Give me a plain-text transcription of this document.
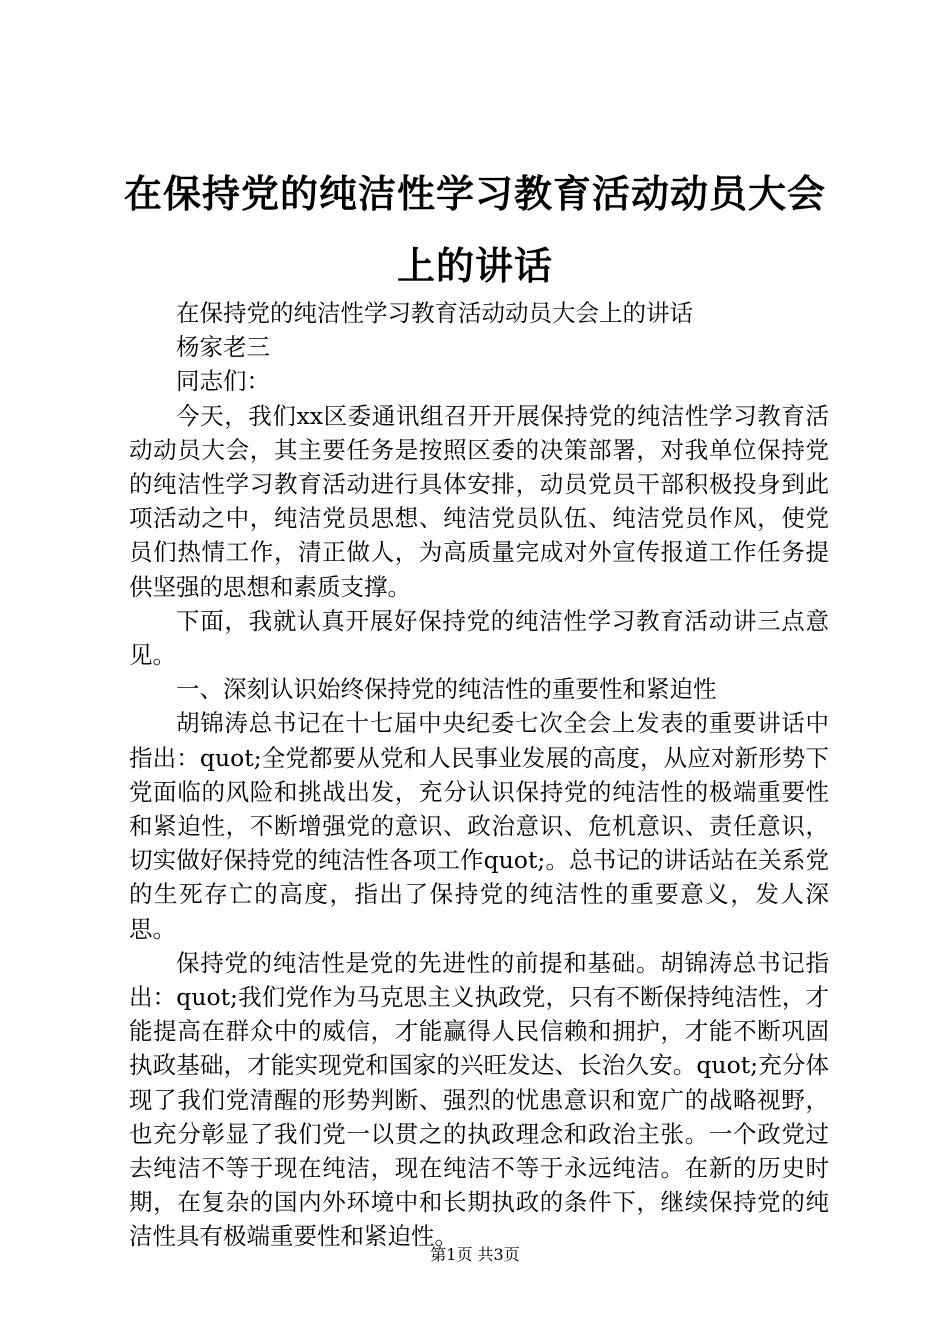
在保持党的纯洁性学习教育活动动员大会上的讲话

在保持党的纯洁性学习教育活动动员大会上的讲话

杨家老三

同志们：

今天，我们xx区委通讯组召开开展保持党的纯洁性学习教育活动动员大会，其主要任务是按照区委的决策部署，对我单位保持党的纯洁性学习教育活动进行具体安排，动员党员干部积极投身到此项活动之中，纯洁党员思想、纯洁党员队伍、纯洁党员作风，使党员们热情工作，清正做人，为高质量完成对外宣传报道工作任务提供坚强的思想和素质支撑。

下面，我就认真开展好保持党的纯洁性学习教育活动讲三点意见。

一、深刻认识始终保持党的纯洁性的重要性和紧迫性

胡锦涛总书记在十七届中央纪委七次全会上发表的重要讲话中指出：quot;全党都要从党和人民事业发展的高度，从应对新形势下党面临的风险和挑战出发，充分认识保持党的纯洁性的极端重要性和紧迫性，不断增强党的意识、政治意识、危机意识、责任意识，切实做好保持党的纯洁性各项工作quot;。总书记的讲话站在关系党的生死存亡的高度，指出了保持党的纯洁性的重要意义，发人深思。

保持党的纯洁性是党的先进性的前提和基础。胡锦涛总书记指出：quot;我们党作为马克思主义执政党，只有不断保持纯洁性，才能提高在群众中的威信，才能赢得人民信赖和拥护，才能不断巩固执政基础，才能实现党和国家的兴旺发达、长治久安。quot;充分体现了我们党清醒的形势判断、强烈的忧患意识和宽广的战略视野，也充分彰显了我们党一以贯之的执政理念和政治主张。一个政党过去纯洁不等于现在纯洁，现在纯洁不等于永远纯洁。在新的历史时期，在复杂的国内外环境中和长期执政的条件下，继续保持党的纯洁性具有极端重要性和紧迫性。

第1页 共3页
